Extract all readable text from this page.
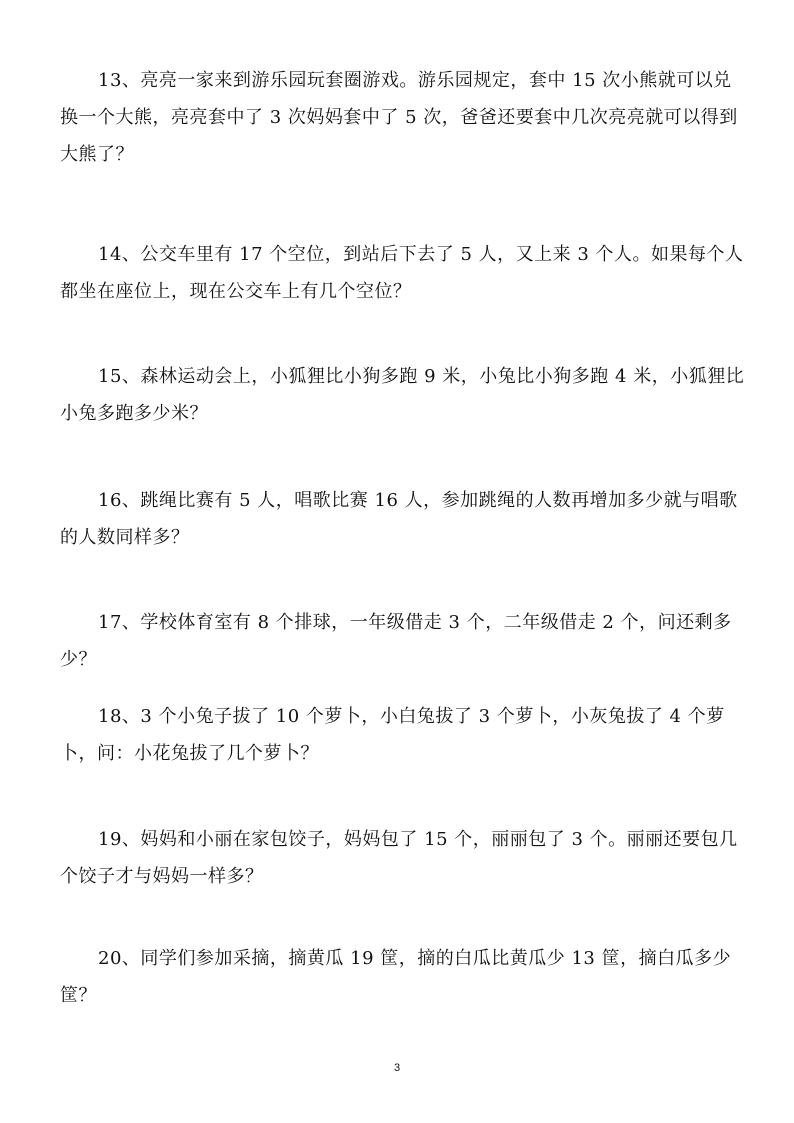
13、亮亮一家来到游乐园玩套圈游戏。游乐园规定，套中 15 次小熊就可以兑换一个大熊，亮亮套中了 3 次妈妈套中了 5 次，爸爸还要套中几次亮亮就可以得到大熊了？

14、公交车里有 17 个空位，到站后下去了 5 人，又上来 3 个人。如果每个人都坐在座位上，现在公交车上有几个空位？

15、森林运动会上，小狐狸比小狗多跑 9 米，小兔比小狗多跑 4 米，小狐狸比小兔多跑多少米？

16、跳绳比赛有 5 人，唱歌比赛 16 人，参加跳绳的人数再增加多少就与唱歌的人数同样多？

17、学校体育室有 8 个排球，一年级借走 3 个，二年级借走 2 个，问还剩多少？

18、3 个小兔子拔了 10 个萝卜，小白兔拔了 3 个萝卜，小灰兔拔了 4 个萝卜，问：小花兔拔了几个萝卜？

19、妈妈和小丽在家包饺子，妈妈包了 15 个，丽丽包了 3 个。丽丽还要包几个饺子才与妈妈一样多？

20、同学们参加采摘，摘黄瓜 19 筐，摘的白瓜比黄瓜少 13 筐，摘白瓜多少筐？

3
